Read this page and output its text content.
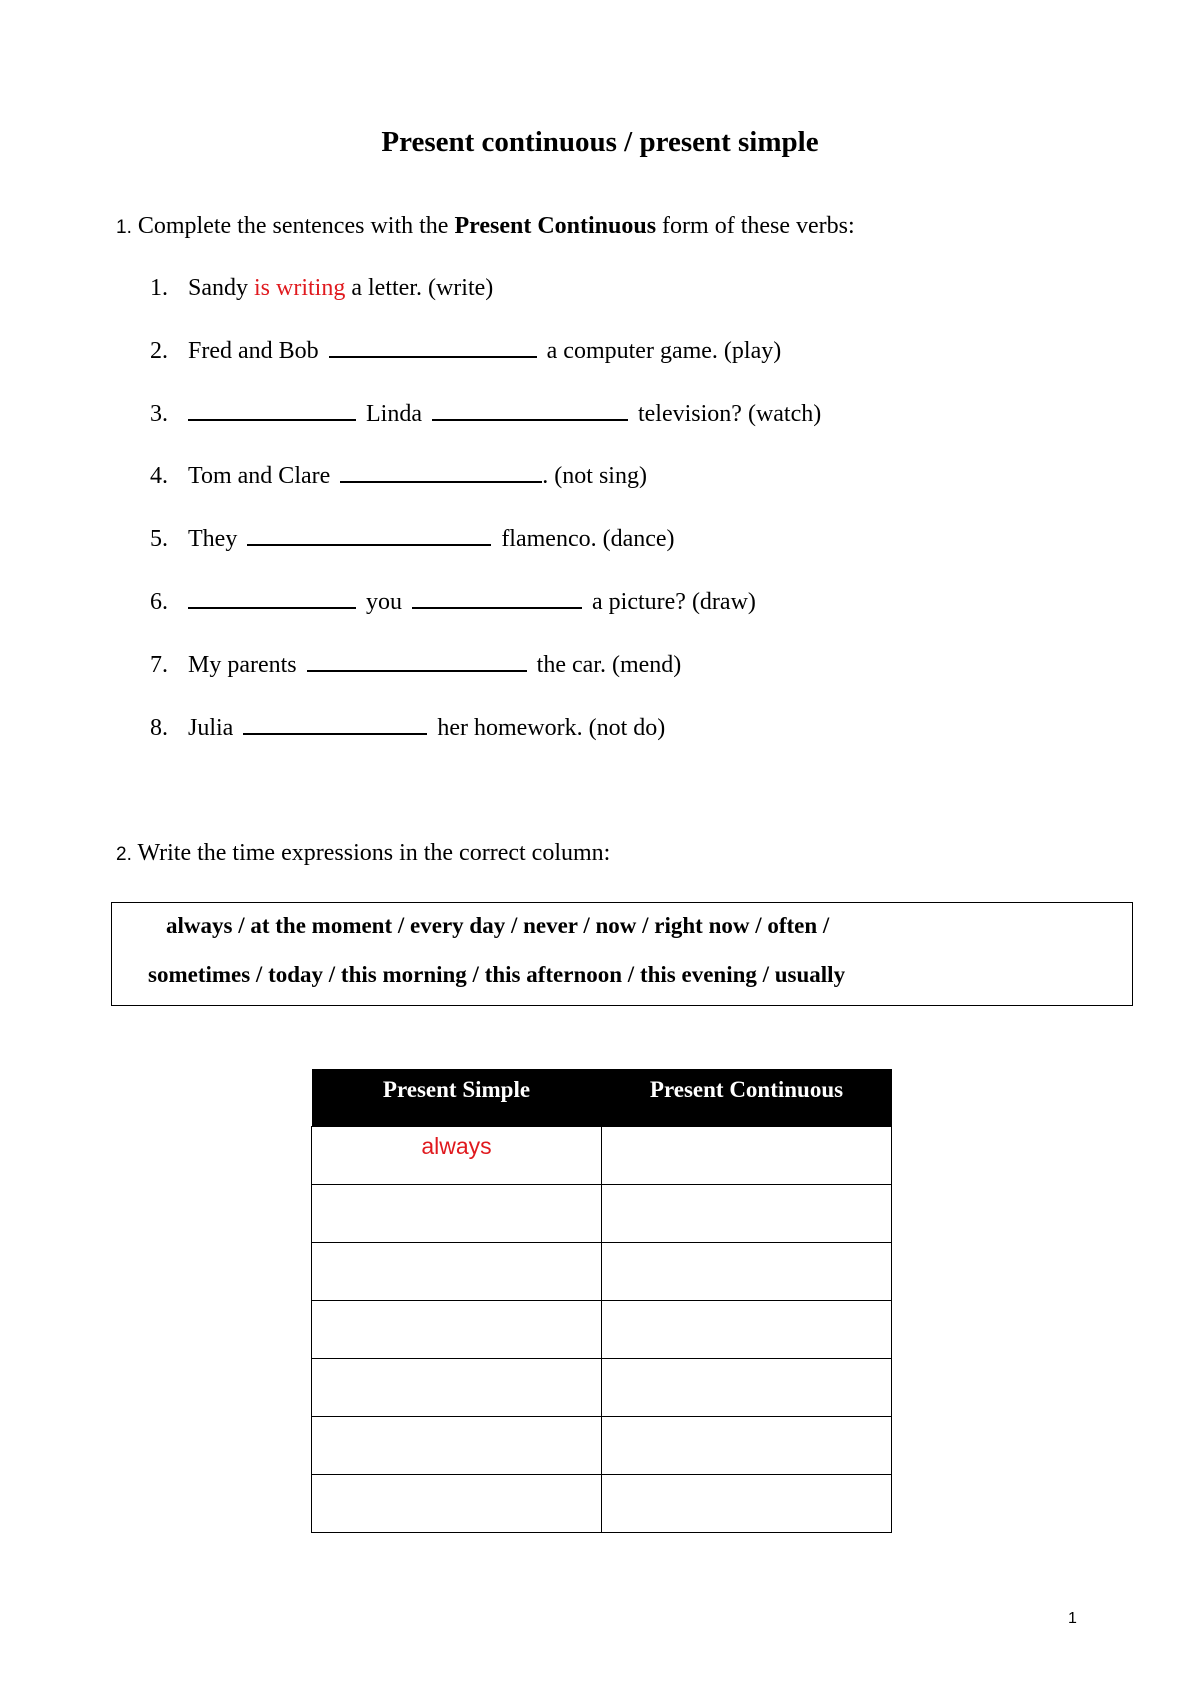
Present continuous / present simple
1. Complete the sentences with the Present Continuous form of these verbs:
1. Sandy is writing a letter. (write)
2. Fred and Bob	a computer game. (play)
3.	Linda	television? (watch)
4. Tom and Clare	. (not sing)
5. They	flamenco. (dance)
6.	you	a picture? (draw)
7. My parents	the car. (mend)
8. Julia	her homework. (not do)
2. Write the time expressions in the correct column:
always / at the moment / every day / never / now / right now / often /
sometimes / today / this morning / this afternoon / this evening / usually
Present Simple	Present Continuous
always	

1
